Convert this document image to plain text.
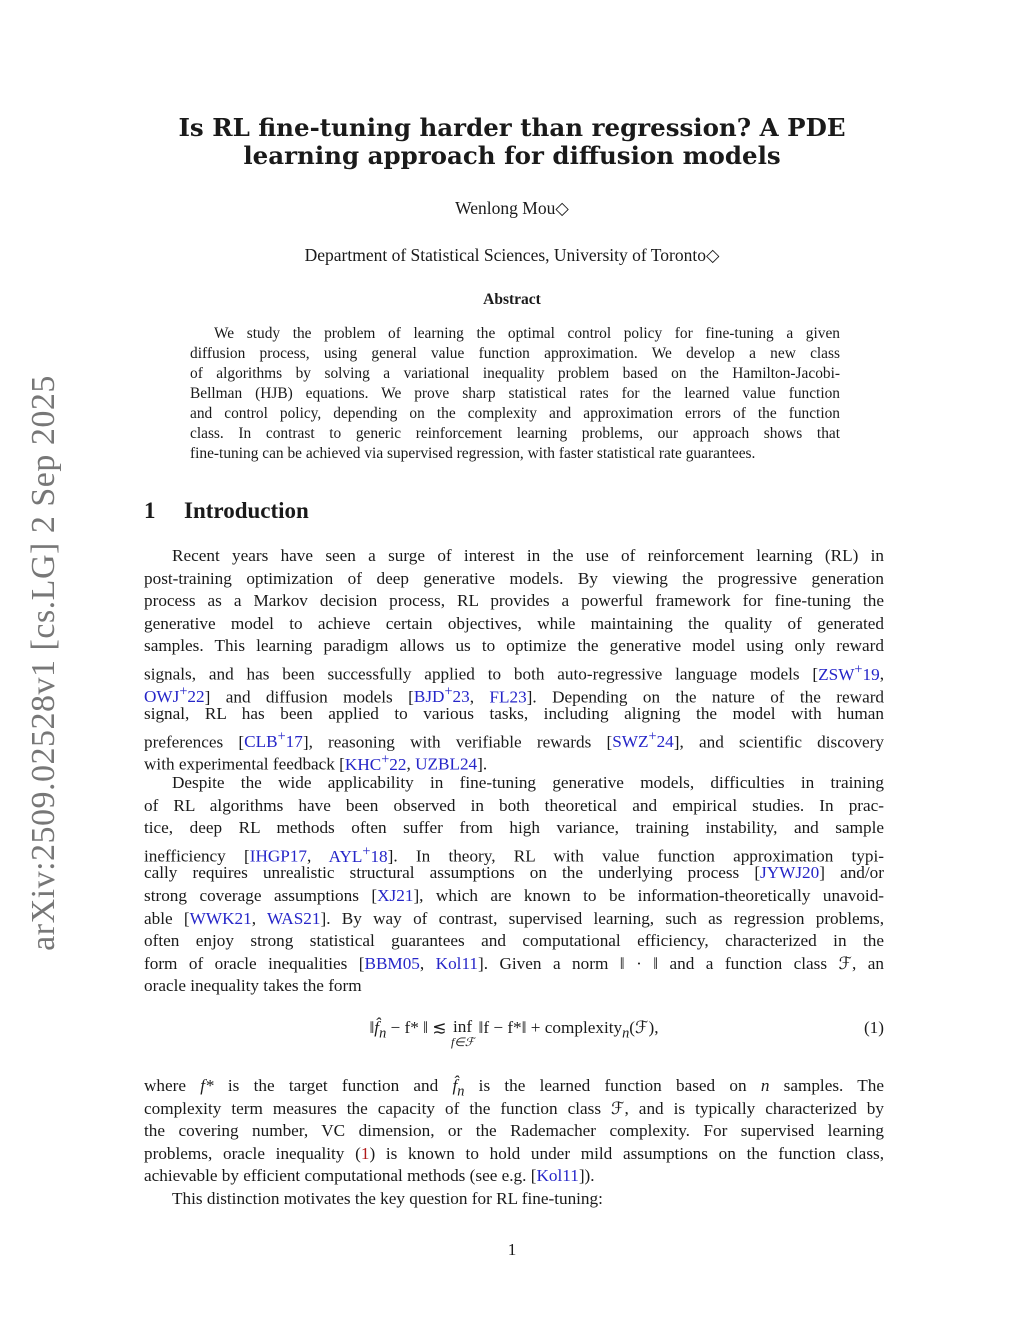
arXiv:2509.02528v1 [cs.LG] 2 Sep 2025
Is RL fine-tuning harder than regression? A PDE
learning approach for diffusion models
Wenlong Mou◇
Department of Statistical Sciences, University of Toronto◇
Abstract
We study the problem of learning the optimal control policy for fine-tuning a given
diffusion process, using general value function approximation. We develop a new class
of algorithms by solving a variational inequality problem based on the Hamilton-Jacobi-
Bellman (HJB) equations. We prove sharp statistical rates for the learned value function
and control policy, depending on the complexity and approximation errors of the function
class. In contrast to generic reinforcement learning problems, our approach shows that
fine-tuning can be achieved via supervised regression, with faster statistical rate guarantees.
1 Introduction
Recent years have seen a surge of interest in the use of reinforcement learning (RL) in
post-training optimization of deep generative models. By viewing the progressive generation
process as a Markov decision process, RL provides a powerful framework for fine-tuning the
generative model to achieve certain objectives, while maintaining the quality of generated
samples. This learning paradigm allows us to optimize the generative model using only reward
signals, and has been successfully applied to both auto-regressive language models [ZSW+19,
OWJ+22] and diffusion models [BJD+23, FL23]. Depending on the nature of the reward
signal, RL has been applied to various tasks, including aligning the model with human
preferences [CLB+17], reasoning with verifiable rewards [SWZ+24], and scientific discovery
with experimental feedback [KHC+22, UZBL24].
Despite the wide applicability in fine-tuning generative models, difficulties in training
of RL algorithms have been observed in both theoretical and empirical studies. In prac-
tice, deep RL methods often suffer from high variance, training instability, and sample
inefficiency [IHGP17, AYL+18]. In theory, RL with value function approximation typi-
cally requires unrealistic structural assumptions on the underlying process [JYWJ20] and/or
strong coverage assumptions [XJ21], which are known to be information-theoretically unavoid-
able [WWK21, WAS21]. By way of contrast, supervised learning, such as regression problems,
often enjoy strong statistical guarantees and computational efficiency, characterized in the
form of oracle inequalities [BBM05, Kol11]. Given a norm ‖ · ‖ and a function class ℱ, an
oracle inequality takes the form
$‖f̂_n - f*$ ‖ ≲ inf
f∈ℱ
‖f − f*‖ + complexity$_n$(ℱ),	(1)
where f* is the target function and $f̂_n$ is the learned function based on n samples. The
complexity term measures the capacity of the function class ℱ, and is typically characterized by
the covering number, VC dimension, or the Rademacher complexity. For supervised learning
problems, oracle inequality (1) is known to hold under mild assumptions on the function class,
achievable by efficient computational methods (see e.g. [Kol11]).
This distinction motivates the key question for RL fine-tuning:
1
